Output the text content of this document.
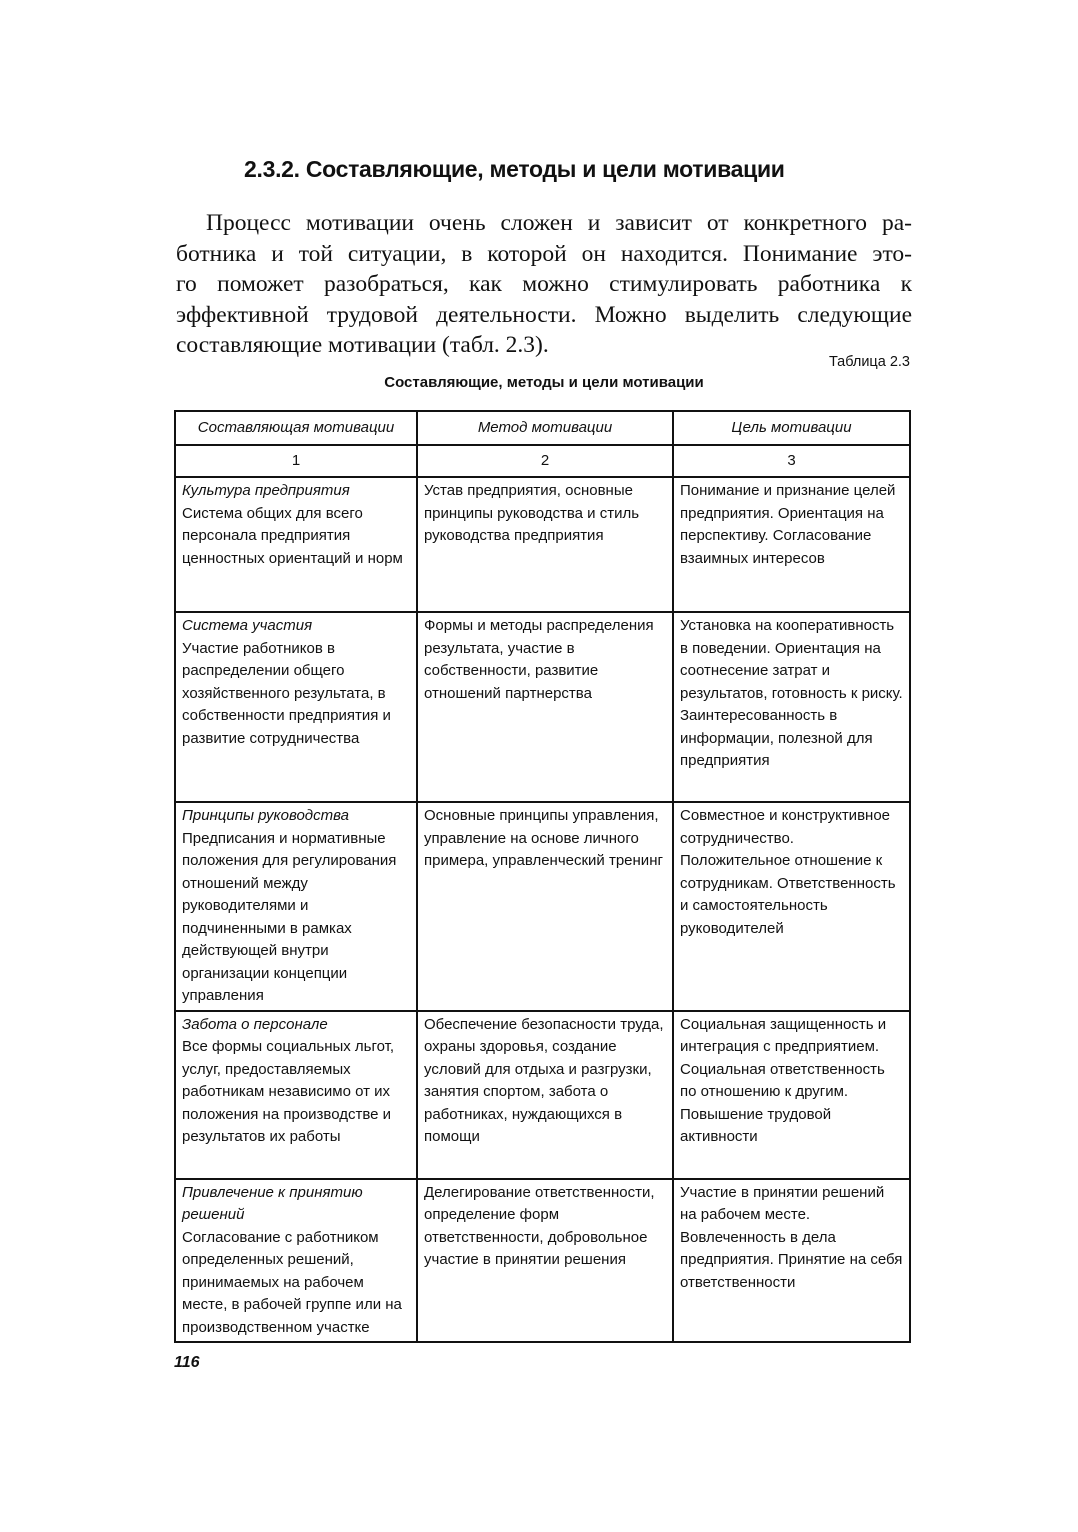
2.3.2. Составляющие, методы и цели мотивации
Процесс мотивации очень сложен и зависит от конкретного ра-
ботника и той ситуации, в которой он находится. Понимание это-
го поможет разобраться, как можно стимулировать работника к
эффективной трудовой деятельности. Можно выделить следующие
составляющие мотивации (табл. 2.3).
Таблица 2.3
Составляющие, методы и цели мотивации
Составляющая мотивации	Метод мотивации	Цель мотивации
1	2	3

Культура предприятия
Система общих для всего персонала предприятия ценностных ориентаций и норм	Устав предприятия, основные принципы руководства и стиль руководства предприятия	Понимание и признание целей предприятия. Ориентация на перспективу. Согласование взаимных интересов

Система участия
Участие работников в распределении общего хозяйственного результата, в собственности предприятия и развитие сотрудничества	Формы и методы распределения результата, участие в собственности, развитие отношений партнерства	Установка на кооперативность в поведении. Ориентация на соотнесение затрат и результатов, готовность к риску. Заинтересованность в информации, полезной для предприятия

Принципы руководства
Предписания и нормативные положения для регулирования отношений между руководителями и подчиненными в рамках действующей внутри организации концепции управления	Основные принципы управления, управление на основе личного примера, управленческий тренинг	Совместное и конструктивное сотрудничество. Положительное отношение к сотрудникам. Ответственность и самостоятельность руководителей

Забота о персонале
Все формы социальных льгот, услуг, предоставляемых работникам независимо от их положения на производстве и результатов их работы	Обеспечение безопасности труда, охраны здоровья, создание условий для отдыха и разгрузки, занятия спортом, забота о работниках, нуждающихся в помощи	Социальная защищенность и интеграция с предприятием. Социальная ответственность по отношению к другим. Повышение трудовой активности

Привлечение к принятию решений
Согласование с работником определенных решений, принимаемых на рабочем месте, в рабочей группе или на производственном участке	Делегирование ответственности, определение форм ответственности, добровольное участие в принятии решения	Участие в принятии решений на рабочем месте. Вовлеченность в дела предприятия. Принятие на себя ответственности
116
